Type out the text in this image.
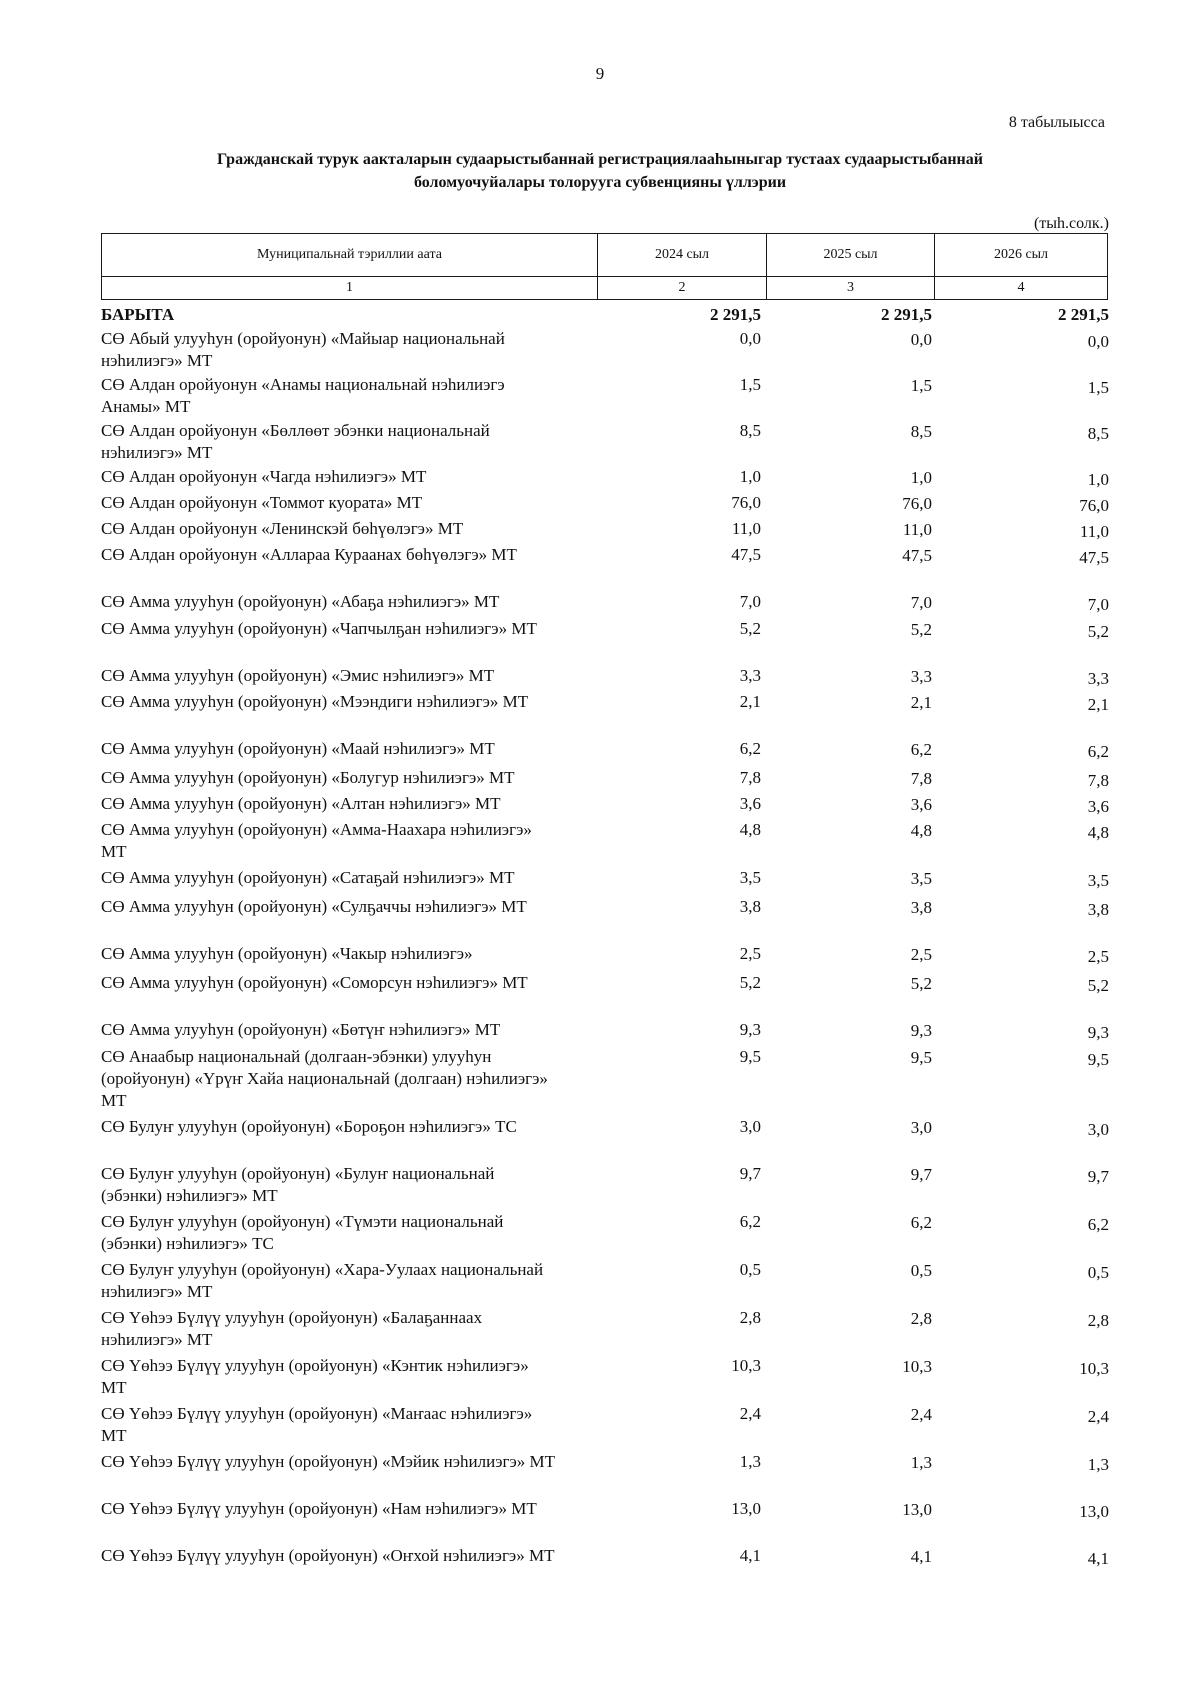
9
8 табылыысса
Гражданскай турук аакталарын судаарыстыбаннай регистрациялааһыныгар тустаах судаарыстыбаннай
боломуочуйалары толорууга субвенцияны үллэрии
(тыһ.солк.)
Муниципальнай тэриллии аата	2024 сыл	2025 сыл	2026 сыл
1	2	3	4
БАРЫТА	2 291,5	2 291,5	2 291,5
СӨ Абый улууһун (оройуонун) «Майыар национальнай
нэһилиэгэ» МТ
0,0	0,0	0,0
СӨ Алдан оройуонун «Анамы национальнай нэһилиэгэ
Анамы» МТ
1,5	1,5	1,5
СӨ Алдан оройуонун «Бөллөөт эбэнки национальнай
нэһилиэгэ» МТ
8,5	8,5	8,5
СӨ Алдан оройуонун «Чагда нэһилиэгэ» МТ	1,0	1,0	1,0
СӨ Алдан оройуонун «Томмот куората» МТ	76,0	76,0	76,0
СӨ Алдан оройуонун «Ленинскэй бөһүөлэгэ» МТ	11,0	11,0	11,0
СӨ Алдан оройуонун «Аллараа Кураанах бөһүөлэгэ» МТ	47,5	47,5	47,5
СӨ Амма улууһун (оройуонун) «Абаҕа нэһилиэгэ» МТ	7,0	7,0	7,0
СӨ Амма улууһун (оройуонун) «Чапчылҕан нэһилиэгэ» МТ	5,2	5,2	5,2
СӨ Амма улууһун (оройуонун) «Эмис нэһилиэгэ» МТ	3,3	3,3	3,3
СӨ Амма улууһун (оройуонун) «Мээндиги нэһилиэгэ» МТ	2,1	2,1	2,1
СӨ Амма улууһун (оройуонун) «Маай нэһилиэгэ» МТ	6,2	6,2	6,2
СӨ Амма улууһун (оройуонун) «Болугур нэһилиэгэ» МТ	7,8	7,8	7,8
СӨ Амма улууһун (оройуонун) «Алтан нэһилиэгэ» МТ	3,6	3,6	3,6
СӨ Амма улууһун (оройуонун) «Амма-Наахара нэһилиэгэ»
МТ
4,8	4,8	4,8
СӨ Амма улууһун (оройуонун) «Сатаҕай нэһилиэгэ» МТ	3,5	3,5	3,5
СӨ Амма улууһун (оройуонун) «Сулҕаччы нэһилиэгэ» МТ	3,8	3,8	3,8
СӨ Амма улууһун (оройуонун) «Чакыр нэһилиэгэ»	2,5	2,5	2,5
СӨ Амма улууһун (оройуонун) «Соморсун нэһилиэгэ» МТ	5,2	5,2	5,2
СӨ Амма улууһун (оройуонун) «Бөтүҥ нэһилиэгэ» МТ	9,3	9,3	9,3
СӨ Анаабыр национальнай (долгаан-эбэнки) улууһун
(оройуонун) «Үрүҥ Хайа национальнай (долгаан) нэһилиэгэ»
МТ
9,5	9,5	9,5
СӨ Булуҥ улууһун (оройуонун) «Бороҕон нэһилиэгэ» ТС	3,0	3,0	3,0
СӨ Булуҥ улууһун (оройуонун) «Булуҥ национальнай
(эбэнки) нэһилиэгэ» МТ
9,7	9,7	9,7
СӨ Булуҥ улууһун (оройуонун) «Түмэти национальнай
(эбэнки) нэһилиэгэ» ТС
6,2	6,2	6,2
СӨ Булуҥ улууһун (оройуонун) «Хара-Уулаах национальнай
нэһилиэгэ» МТ
0,5	0,5	0,5
СӨ Үөһээ Бүлүү улууһун (оройуонун) «Балаҕаннаах
нэһилиэгэ» МТ
2,8	2,8	2,8
СӨ Үөһээ Бүлүү улууһун (оройуонун) «Кэнтик нэһилиэгэ»
МТ
10,3	10,3	10,3
СӨ Үөһээ Бүлүү улууһун (оройуонун) «Маҥаас нэһилиэгэ»
МТ
2,4	2,4	2,4
СӨ Үөһээ Бүлүү улууһун (оройуонун) «Мэйик нэһилиэгэ» МТ	1,3	1,3	1,3
СӨ Үөһээ Бүлүү улууһун (оройуонун) «Нам нэһилиэгэ» МТ	13,0	13,0	13,0
СӨ Үөһээ Бүлүү улууһун (оройуонун) «Оҥхой нэһилиэгэ» МТ	4,1	4,1	4,1
